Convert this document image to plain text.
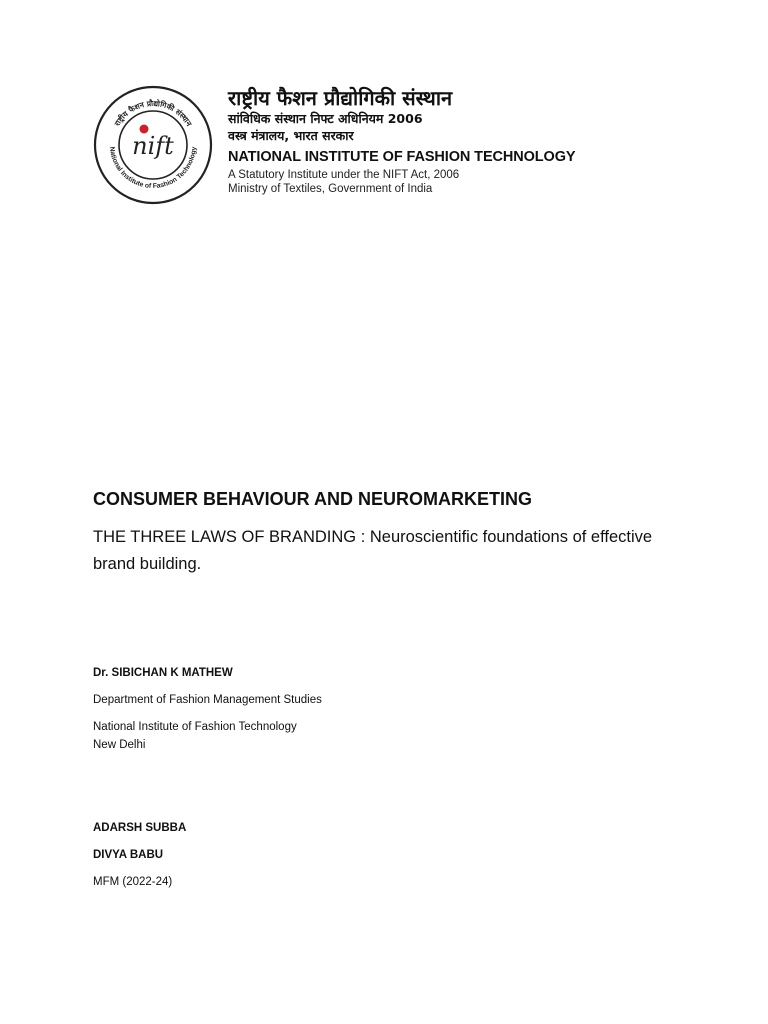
राष्ट्रीय फैशन प्रौद्योगिकी संस्थान
National Institute of Fashion Technology
nift

राष्ट्रीय फैशन प्रौद्योगिकी संस्थान

सांविधिक संस्थान निफ्ट अधिनियम 2006

वस्त्र मंत्रालय, भारत सरकार

NATIONAL INSTITUTE OF FASHION TECHNOLOGY

A Statutory Institute under the NIFT Act, 2006

Ministry of Textiles, Government of India

CONSUMER BEHAVIOUR AND NEUROMARKETING

THE THREE LAWS OF BRANDING : Neuroscientific foundations of effective brand building.

Dr. SIBICHAN K MATHEW

Department of Fashion Management Studies

National Institute of Fashion Technology

New Delhi

ADARSH SUBBA

DIVYA BABU

MFM (2022-24)
